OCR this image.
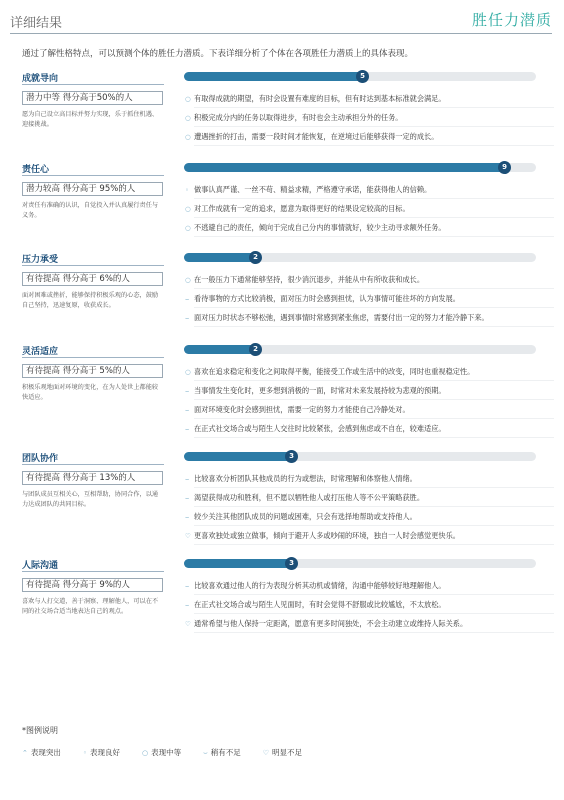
详细结果	胜任力潜质
通过了解性格特点，可以预测个体的胜任力潜质。下表详细分析了个体在各项胜任力潜质上的具体表现。
成就导向
潜力中等 得分高于50%的人
愿为自己设立高目标并努力实现，乐于抓住机遇、迎接挑战。
5
○ 有取得成就的期望，有时会设置有难度的目标，但有时达到基本标准就会满足。
○ 积极完成分内的任务以取得进步，有时也会主动承担分外的任务。
○ 遭遇挫折的打击，需要一段时间才能恢复，在逆境过后能够获得一定的成长。
责任心
潜力较高 得分高于 95%的人
对责任有准确的认识，自觉投入并认真履行责任与义务。
9
◦ 做事认真严谨、一丝不苟、精益求精，严格遵守承诺，能获得他人的信赖。
○ 对工作成就有一定的追求，愿意为取得更好的结果设定较高的目标。
○ 不逃避自己的责任，倾向于完成自己分内的事情就好，较少主动寻求额外任务。
压力承受
有待提高 得分高于 6%的人
面对困难或挫折，能够保持积极乐观的心态，鼓励自己坚持，迅速复原，收获成长。
2
○ 在一般压力下通常能够坚持，很少消沉退步，并能从中有所收获和成长。
⌣ 看待事物的方式比较消极，面对压力时会感到担忧，认为事情可能往坏的方向发展。
⌣ 面对压力时状态不够松弛，遇到事情时常感到紧张焦虑，需要付出一定的努力才能冷静下来。
灵活适应
有待提高 得分高于 5%的人
积极乐观地面对环境的变化，在为人处世上都能较快适应。
2
○ 喜欢在追求稳定和变化之间取得平衡，能接受工作或生活中的改变，同时也重视稳定性。
⌣ 当事情发生变化时，更多想到消极的一面，时常对未来发展持较为悲观的预期。
⌣ 面对环境变化时会感到担忧，需要一定的努力才能使自己冷静处对。
⌣ 在正式社交场合或与陌生人交往时比较紧张，会感到焦虑或不自在，较难适应。
团队协作
有待提高 得分高于 13%的人
与团队成员互相关心，互相帮助，协同合作，以通力达成团队的共同目标。
3
⌣ 比较喜欢分析团队其他成员的行为或想法，时常理解和体察他人情绪。
⌣ 渴望获得成功和胜利，但不愿以牺牲他人或打压他人等不公平策略获胜。
⌣ 较少关注其他团队成员的问题或困难，只会有选择地帮助或支持他人。
♡ 更喜欢独处或独立做事，倾向于避开人多或吵闹的环境，独自一人时会感觉更快乐。
人际沟通
有待提高 得分高于 9%的人
喜欢与人打交道，善于洞察、理解他人，可以在不同的社交场合适当地表达自己的观点。
3
⌣ 比较喜欢通过他人的行为表现分析其动机或情绪，沟通中能够较好地理解他人。
⌣ 在正式社交场合或与陌生人见面时，有时会觉得不舒服或比较尴尬，不太放松。
♡ 通常希望与他人保持一定距离，愿意有更多时间独处，不会主动建立或维持人际关系。
*图例说明
⌃ 表现突出	◦ 表现良好	○ 表现中等	⌣ 稍有不足	♡ 明显不足
